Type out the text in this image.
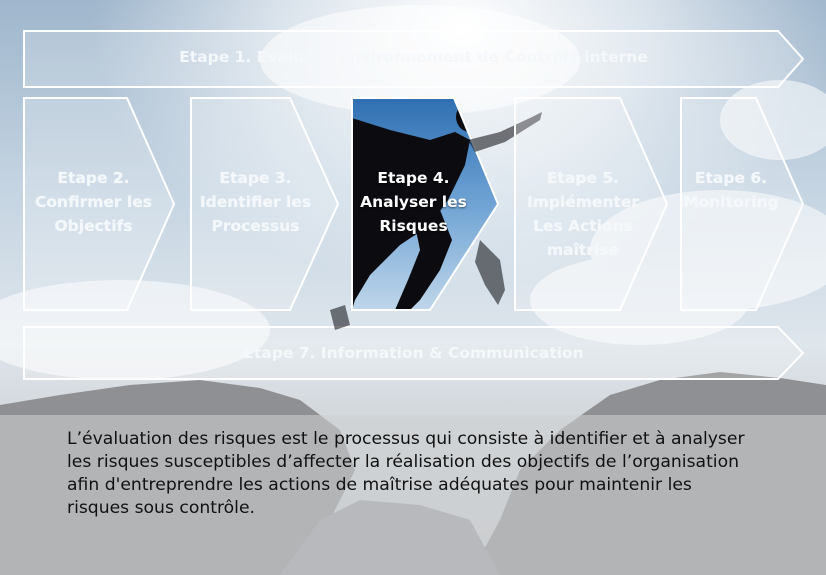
Etape 1. Evaluer l’Environnement de Contrôle interne
Etape 2.
Confirmer les
Objectifs
Etape 3.
Identifier les
Processus
Etape 4.
Analyser les
Risques
Etape 5.
Implémenter
Les Actions
maîtrise
Etape 6.
Monitoring
Etape 7. Information & Communication
L’évaluation des risques est le processus qui consiste à identifier et à analyser les risques susceptibles d’affecter la réalisation des objectifs de l’organisation afin d'entreprendre les actions de maîtrise adéquates pour maintenir les risques sous contrôle.
